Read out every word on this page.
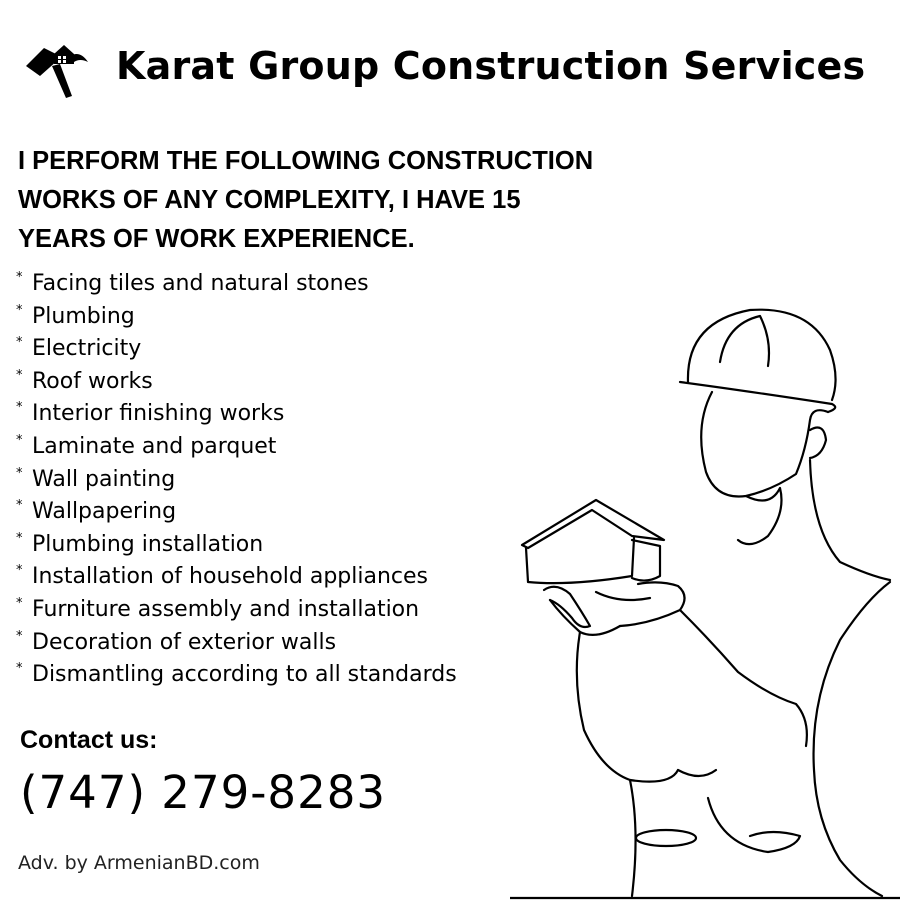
Karat Group Construction Services
I PERFORM THE FOLLOWING CONSTRUCTION
WORKS OF ANY COMPLEXITY, I HAVE 15
YEARS OF WORK EXPERIENCE.
* Facing tiles and natural stones
* Plumbing
* Electricity
* Roof works
* Interior finishing works
* Laminate and parquet
* Wall painting
* Wallpapering
* Plumbing installation
* Installation of household appliances
* Furniture assembly and installation
* Decoration of exterior walls
* Dismantling according to all standards
Contact us:
(747) 279-8283
Adv. by ArmenianBD.com
